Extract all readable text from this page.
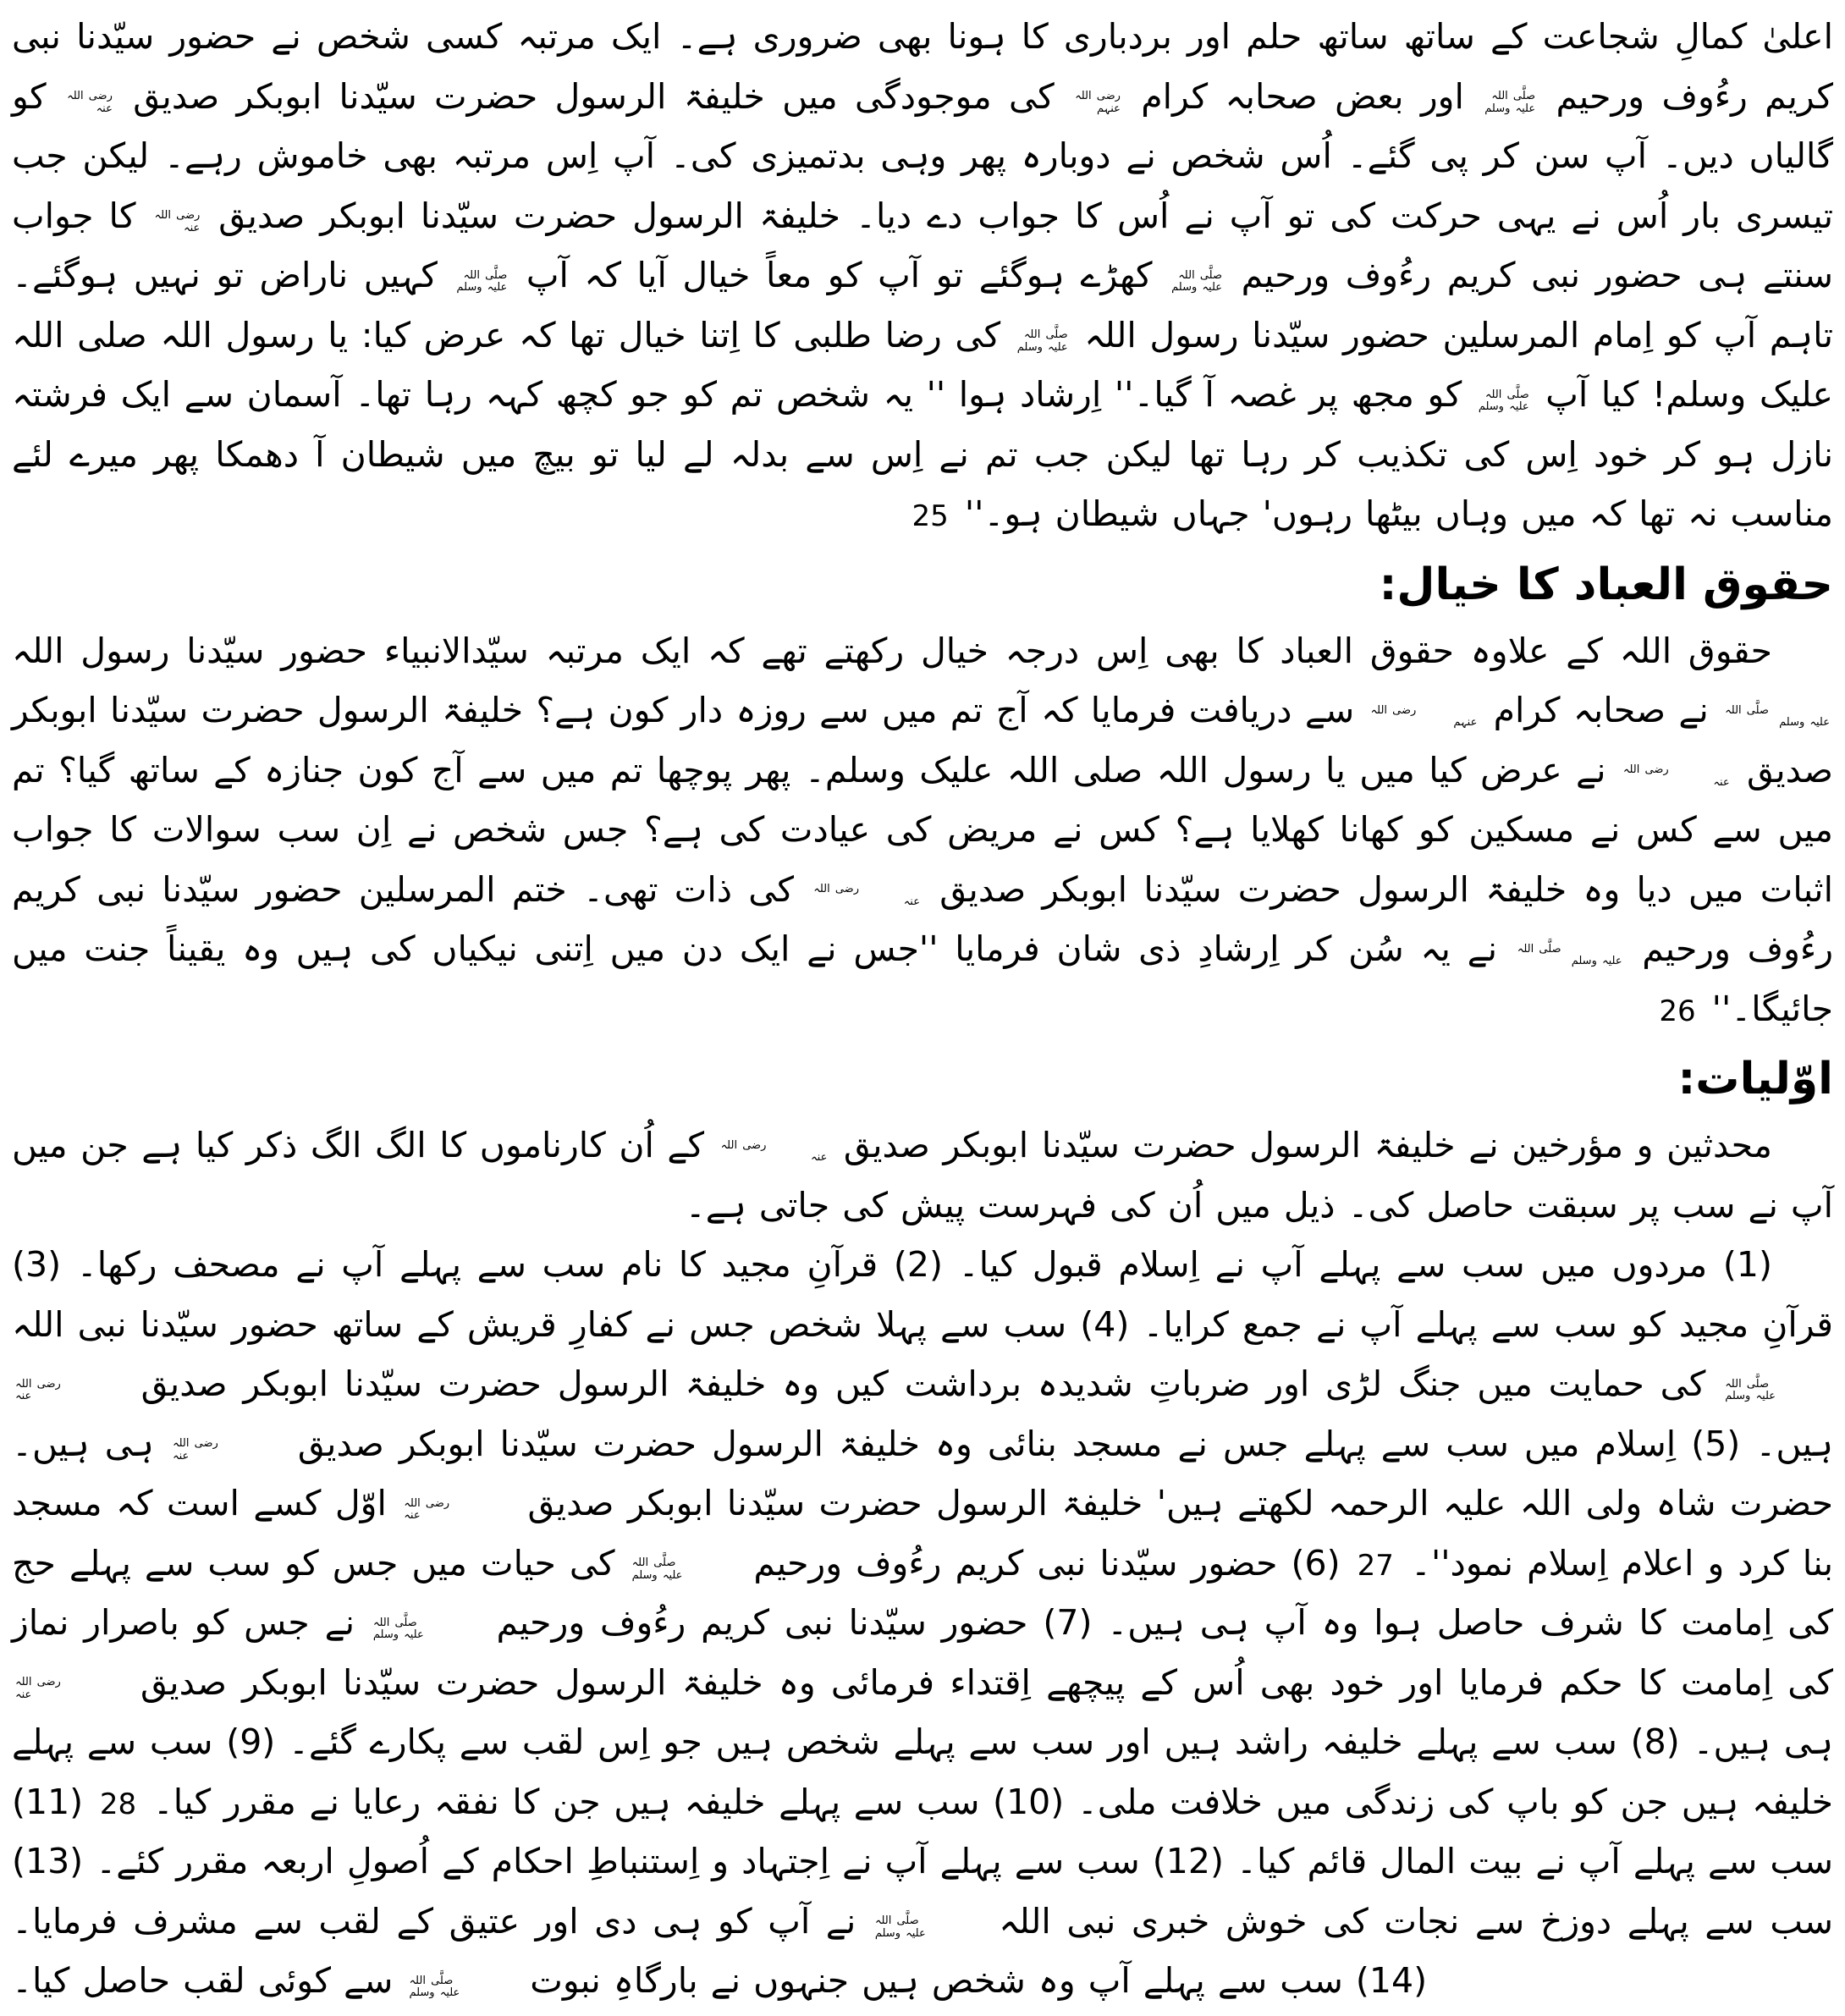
اعلیٰ کمالِ شجاعت کے ساتھ ساتھ حلم اور بردباری کا ہونا بھی ضروری ہے۔ ایک مرتبہ کسی شخص نے حضور سیّدنا نبی کریم رءُوف ورحیم صلَّی اللہ
علیہ وسلم اور بعض صحابہ کرام رضی اللہ
عنہم کی موجودگی میں خلیفۃ الرسول حضرت سیّدنا ابوبکر صدیق رضی اللہ
عنہ کو گالیاں دیں۔ آپ سن کر پی گئے۔ اُس شخص نے دوبارہ پھر وہی بدتمیزی کی۔ آپ اِس مرتبہ بھی خاموش رہے۔ لیکن جب تیسری بار اُس نے یہی حرکت کی تو آپ نے اُس کا جواب دے دیا۔ خلیفۃ الرسول حضرت سیّدنا ابوبکر صدیق رضی اللہ
عنہ کا جواب سنتے ہی حضور نبی کریم رءُوف ورحیم صلَّی اللہ
علیہ وسلم کھڑے ہوگئے تو آپ کو معاً خیال آیا کہ آپ صلَّی اللہ
علیہ وسلم کہیں ناراض تو نہیں ہوگئے۔ تاہم آپ کو اِمام المرسلین حضور سیّدنا رسول اللہ صلَّی اللہ
علیہ وسلم کی رضا طلبی کا اِتنا خیال تھا کہ عرض کیا: یا رسول اللہ صلی اللہ علیک وسلم! کیا آپ صلَّی اللہ
علیہ وسلم کو مجھ پر غصہ آ گیا۔'' اِرشاد ہوا '' یہ شخص تم کو جو کچھ کہہ رہا تھا۔ آسمان سے ایک فرشتہ نازل ہو کر خود اِس کی تکذیب کر رہا تھا لیکن جب تم نے اِس سے بدلہ لے لیا تو بیچ میں شیطان آ دھمکا پھر میرے لئے مناسب نہ تھا کہ میں وہاں بیٹھا رہوں' جہاں شیطان ہو۔'' 25

حقوق العباد کا خیال:

حقوق اللہ کے علاوہ حقوق العباد کا بھی اِس درجہ خیال رکھتے تھے کہ ایک مرتبہ سیّدالانبیاء حضور سیّدنا رسول اللہ صلَّی اللہ
علیہ وسلم نے صحابہ کرام رضی اللہ
عنہم سے دریافت فرمایا کہ آج تم میں سے روزہ دار کون ہے؟ خلیفۃ الرسول حضرت سیّدنا ابوبکر صدیق رضی اللہ
عنہ نے عرض کیا میں یا رسول اللہ صلی اللہ علیک وسلم۔ پھر پوچھا تم میں سے آج کون جنازہ کے ساتھ گیا؟ تم میں سے کس نے مسکین کو کھانا کھلایا ہے؟ کس نے مریض کی عیادت کی ہے؟ جس شخص نے اِن سب سوالات کا جواب اثبات میں دیا وہ خلیفۃ الرسول حضرت سیّدنا ابوبکر صدیق رضی اللہ
عنہ کی ذات تھی۔ ختم المرسلین حضور سیّدنا نبی کریم رءُوف ورحیم صلَّی اللہ
علیہ وسلم نے یہ سُن کر اِرشادِ ذی شان فرمایا ''جس نے ایک دن میں اِتنی نیکیاں کی ہیں وہ یقیناً جنت میں جائیگا۔'' 26

اوّلیات:

محدثین و مؤرخین نے خلیفۃ الرسول حضرت سیّدنا ابوبکر صدیق رضی اللہ
عنہ کے اُن کارناموں کا الگ الگ ذکر کیا ہے جن میں آپ نے سب پر سبقت حاصل کی۔ ذیل میں اُن کی فہرست پیش کی جاتی ہے۔

(1) مردوں میں سب سے پہلے آپ نے اِسلام قبول کیا۔ (2) قرآنِ مجید کا نام سب سے پہلے آپ نے مصحف رکھا۔ (3) قرآنِ مجید کو سب سے پہلے آپ نے جمع کرایا۔ (4) سب سے پہلا شخص جس نے کفارِ قریش کے ساتھ حضور سیّدنا نبی اللہ صلَّی اللہ
علیہ وسلم کی حمایت میں جنگ لڑی اور ضرباتِ شدیدہ برداشت کیں وہ خلیفۃ الرسول حضرت سیّدنا ابوبکر صدیق رضی اللہ
عنہ ہیں۔ (5) اِسلام میں سب سے پہلے جس نے مسجد بنائی وہ خلیفۃ الرسول حضرت سیّدنا ابوبکر صدیق رضی اللہ
عنہ ہی ہیں۔ حضرت شاہ ولی اللہ علیہ الرحمہ لکھتے ہیں' خلیفۃ الرسول حضرت سیّدنا ابوبکر صدیق رضی اللہ
عنہ اوّل کسے است کہ مسجد بنا کرد و اعلام اِسلام نمود''۔ 27 (6) حضور سیّدنا نبی کریم رءُوف ورحیم صلَّی اللہ
علیہ وسلم کی حیات میں جس کو سب سے پہلے حج کی اِمامت کا شرف حاصل ہوا وہ آپ ہی ہیں۔ (7) حضور سیّدنا نبی کریم رءُوف ورحیم صلَّی اللہ
علیہ وسلم نے جس کو باصرار نماز کی اِمامت کا حکم فرمایا اور خود بھی اُس کے پیچھے اِقتداء فرمائی وہ خلیفۃ الرسول حضرت سیّدنا ابوبکر صدیق رضی اللہ
عنہ ہی ہیں۔ (8) سب سے پہلے خلیفہ راشد ہیں اور سب سے پہلے شخص ہیں جو اِس لقب سے پکارے گئے۔ (9) سب سے پہلے خلیفہ ہیں جن کو باپ کی زندگی میں خلافت ملی۔ (10) سب سے پہلے خلیفہ ہیں جن کا نفقہ رعایا نے مقرر کیا۔ 28 (11) سب سے پہلے آپ نے بیت المال قائم کیا۔ (12) سب سے پہلے آپ نے اِجتہاد و اِستنباطِ احکام کے اُصولِ اربعہ مقرر کئے۔ (13) سب سے پہلے دوزخ سے نجات کی خوش خبری نبی اللہ صلَّی اللہ
علیہ وسلم نے آپ کو ہی دی اور عتیق کے لقب سے مشرف فرمایا۔ (14) سب سے پہلے آپ وہ شخص ہیں جنہوں نے بارگاہِ نبوت صلَّی اللہ
علیہ وسلم سے کوئی لقب حاصل کیا۔
